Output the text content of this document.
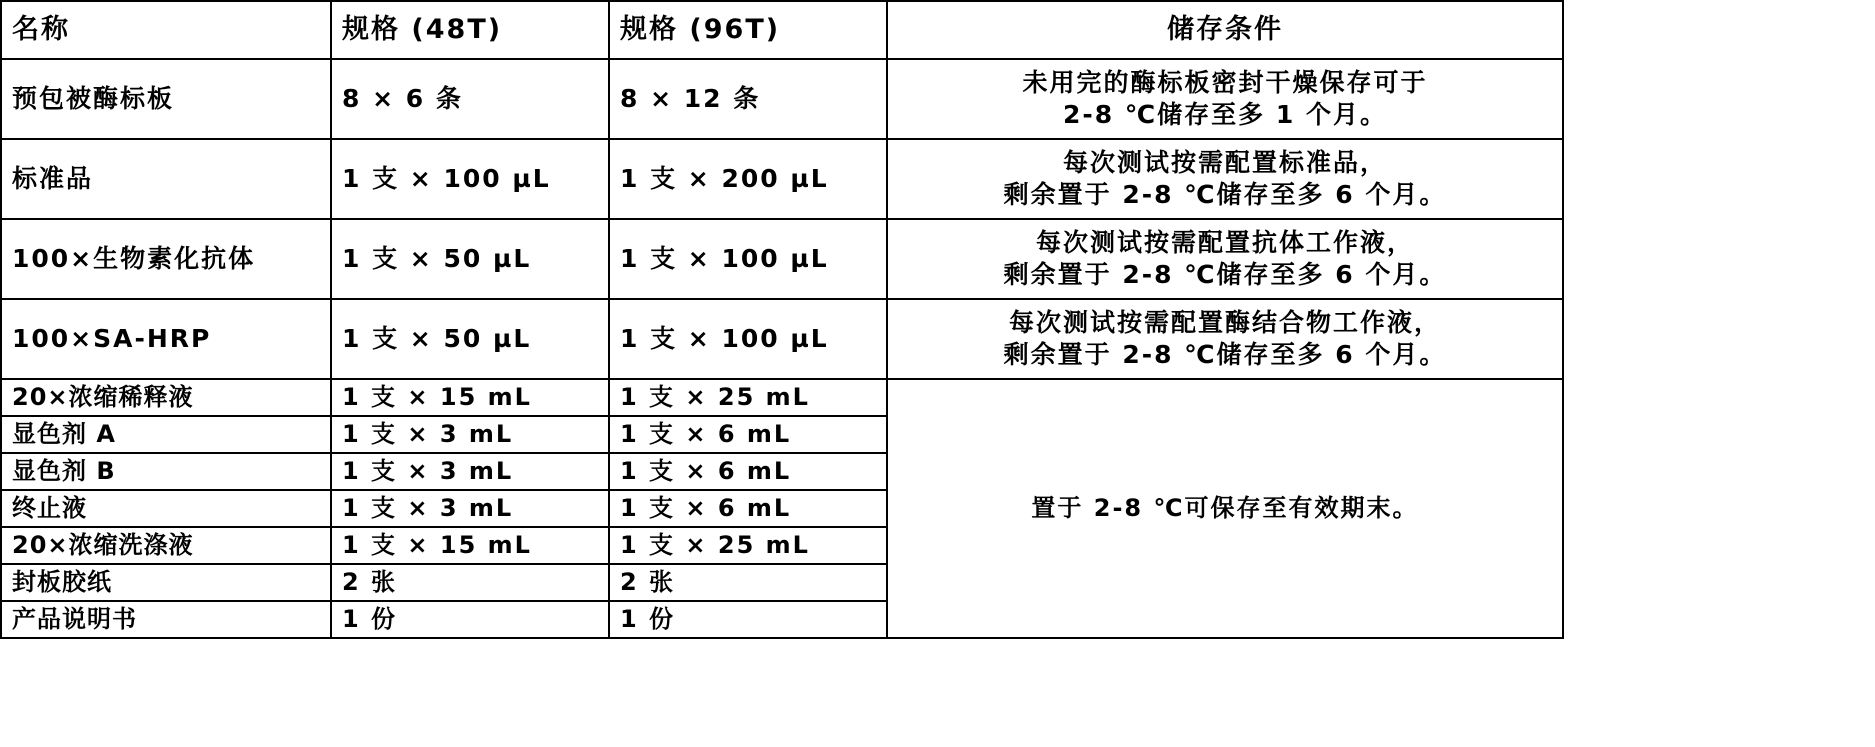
名称	规格 (48T)	规格 (96T)	储存条件
预包被酶标板	8 × 6 条	8 × 12 条	未用完的酶标板密封干燥保存可于
2-8 ℃储存至多 1 个月。

标准品	1 支 × 100 µL	1 支 × 200 µL	每次测试按需配置标准品，
剩余置于 2-8 ℃储存至多 6 个月。

100×生物素化抗体	1 支 × 50 µL	1 支 × 100 µL	每次测试按需配置抗体工作液，
剩余置于 2-8 ℃储存至多 6 个月。

100×SA-HRP	1 支 × 50 µL	1 支 × 100 µL	每次测试按需配置酶结合物工作液，
剩余置于 2-8 ℃储存至多 6 个月。

20×浓缩稀释液	1 支 × 15 mL	1 支 × 25 mL	置于 2-8 ℃可保存至有效期末。
显色剂 A	1 支 × 3 mL	1 支 × 6 mL	
显色剂 B	1 支 × 3 mL	1 支 × 6 mL	
终止液	1 支 × 3 mL	1 支 × 6 mL	
20×浓缩洗涤液	1 支 × 15 mL	1 支 × 25 mL	
封板胶纸	2 张	2 张	
产品说明书	1 份	1 份	
